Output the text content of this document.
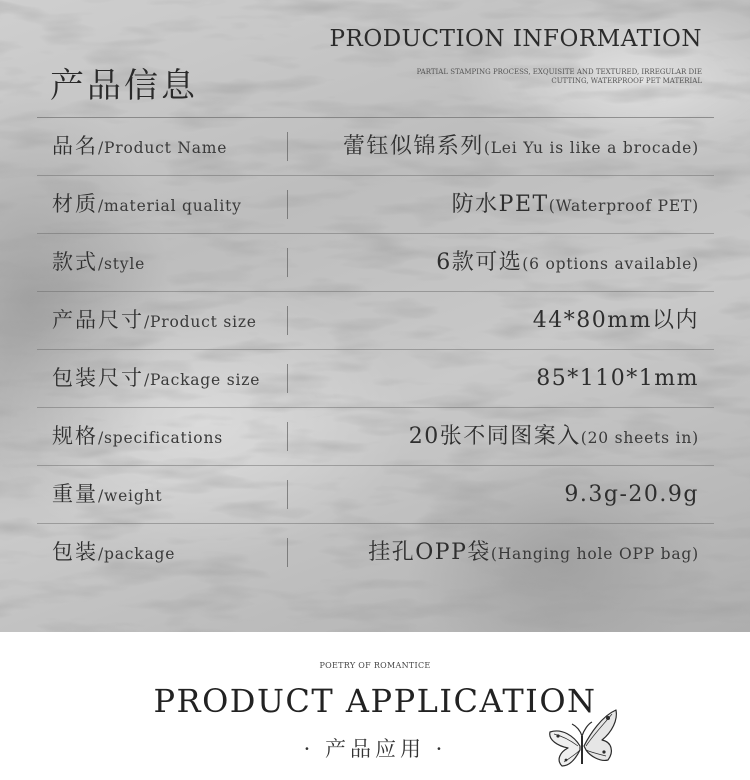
PRODUCTION INFORMATION
PARTIAL STAMPING PROCESS, EXQUISITE AND TEXTURED, IRREGULAR DIE CUTTING, WATERPROOF PET MATERIAL
产品信息
品名/Product Name	蕾钰似锦系列(Lei Yu is like a brocade)
材质/material quality	防水PET(Waterproof PET)
款式/style	6款可选(6 options available)
产品尺寸/Product size	44*80mm以内
包装尺寸/Package size	85*110*1mm
规格/specifications	20张不同图案入(20 sheets in)
重量/weight	9.3g-20.9g
包装/package	挂孔OPP袋(Hanging hole OPP bag)
POETRY OF ROMANTICE
PRODUCT APPLICATION
· 产品应用 ·
